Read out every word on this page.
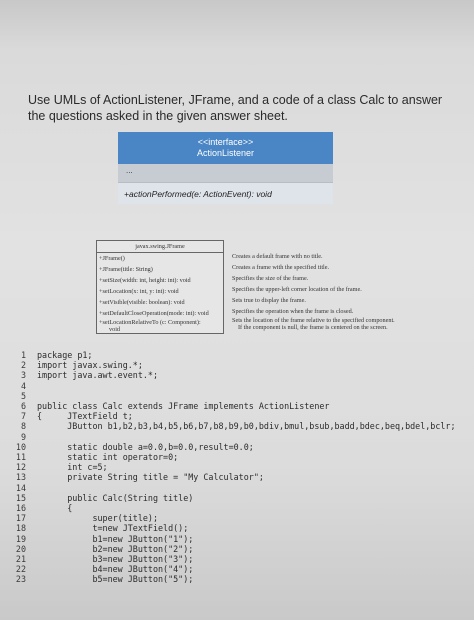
Use UMLs of ActionListener, JFrame, and a code of a class Calc to answer the questions asked in the given answer sheet.
<<interface>>
ActionListener
...
+actionPerformed(e: ActionEvent): void
javax.swing.JFrame
+JFrame()
+JFrame(title: String)
+setSize(width: int, height: int): void
+setLocation(x: int, y: int): void
+setVisible(visible: boolean): void
+setDefaultCloseOperation(mode: int): void
+setLocationRelativeTo (c: Component):
void
Creates a default frame with no title.
Creates a frame with the specified title.
Specifies the size of the frame.
Specifies the upper-left corner location of the frame.
Sets true to display the frame.
Specifies the operation when the frame is closed.
Sets the location of the frame relative to the specified component.
If the component is null, the frame is centered on the screen.
1 package p1;
2 import javax.swing.*;
3 import java.awt.event.*;
4
5
6 public class Calc extends JFrame implements ActionListener
7 {     JTextField t;
8 JButton b1,b2,b3,b4,b5,b6,b7,b8,b9,b0,bdiv,bmul,bsub,badd,bdec,beq,bdel,bclr;
9
10 static double a=0.0,b=0.0,result=0.0;
11 static int operator=0;
12 int c=5;
13 private String title = "My Calculator";
14
15 public Calc(String title)
16 {
17 super(title);
18 t=new JTextField();
19 b1=new JButton("1");
20 b2=new JButton("2");
21 b3=new JButton("3");
22 b4=new JButton("4");
23 b5=new JButton("5");
